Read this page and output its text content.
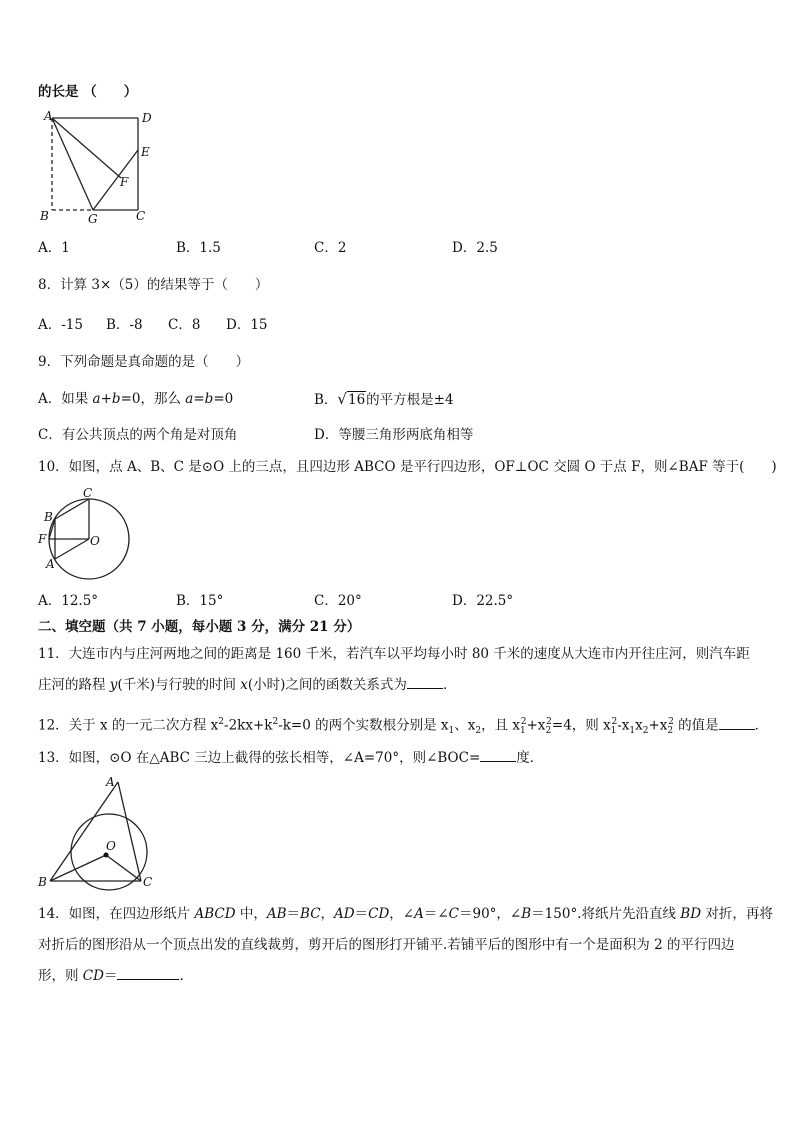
的长是 （　　）
A	D
E
F
B	G	C
A．1	B．1.5	C．2	D．2.5
8．计算 3×（5）的结果等于（　　）
A．-15 B．-8 C．8 D．15
9．下列命题是真命题的是（　　）
A．如果 a+b=0，那么 a=b=0	B．√16的平方根是±4
C．有公共顶点的两个角是对顶角	D．等腰三角形两底角相等
10．如图，点 A、B、C 是⊙O 上的三点，且四边形 ABCO 是平行四边形，OF⊥OC 交圆 O 于点 F，则∠BAF 等于(　　)
C
B
F	O
A
A．12.5°	B．15°	C．20°	D．22.5°
二、填空题（共 7 小题，每小题 3 分，满分 21 分）
11．大连市内与庄河两地之间的距离是 160 千米，若汽车以平均每小时 80 千米的速度从大连市内开往庄河，则汽车距
庄河的路程 y(千米)与行驶的时间 x(小时)之间的函数关系式为	．
12．关于 x 的一元二次方程 $x^2-2kx+k^2-k=0$ 的两个实数根分别是 $x_1$、$x_2$，且 $x_1^2+x_2^2=4$，则 $x_1^2-x_1x_2+x_2^2$ 的值是	．
13．如图，⊙O 在△ABC 三边上截得的弦长相等，∠A=70°，则∠BOC=	度．
A
O
B	C
14．如图，在四边形纸片 ABCD 中，AB＝BC，AD＝CD，∠A＝∠C＝90°，∠B＝150°.将纸片先沿直线 BD 对折，再将
对折后的图形沿从一个顶点出发的直线裁剪，剪开后的图形打开铺平.若铺平后的图形中有一个是面积为 2 的平行四边
形，则 CD＝	.
